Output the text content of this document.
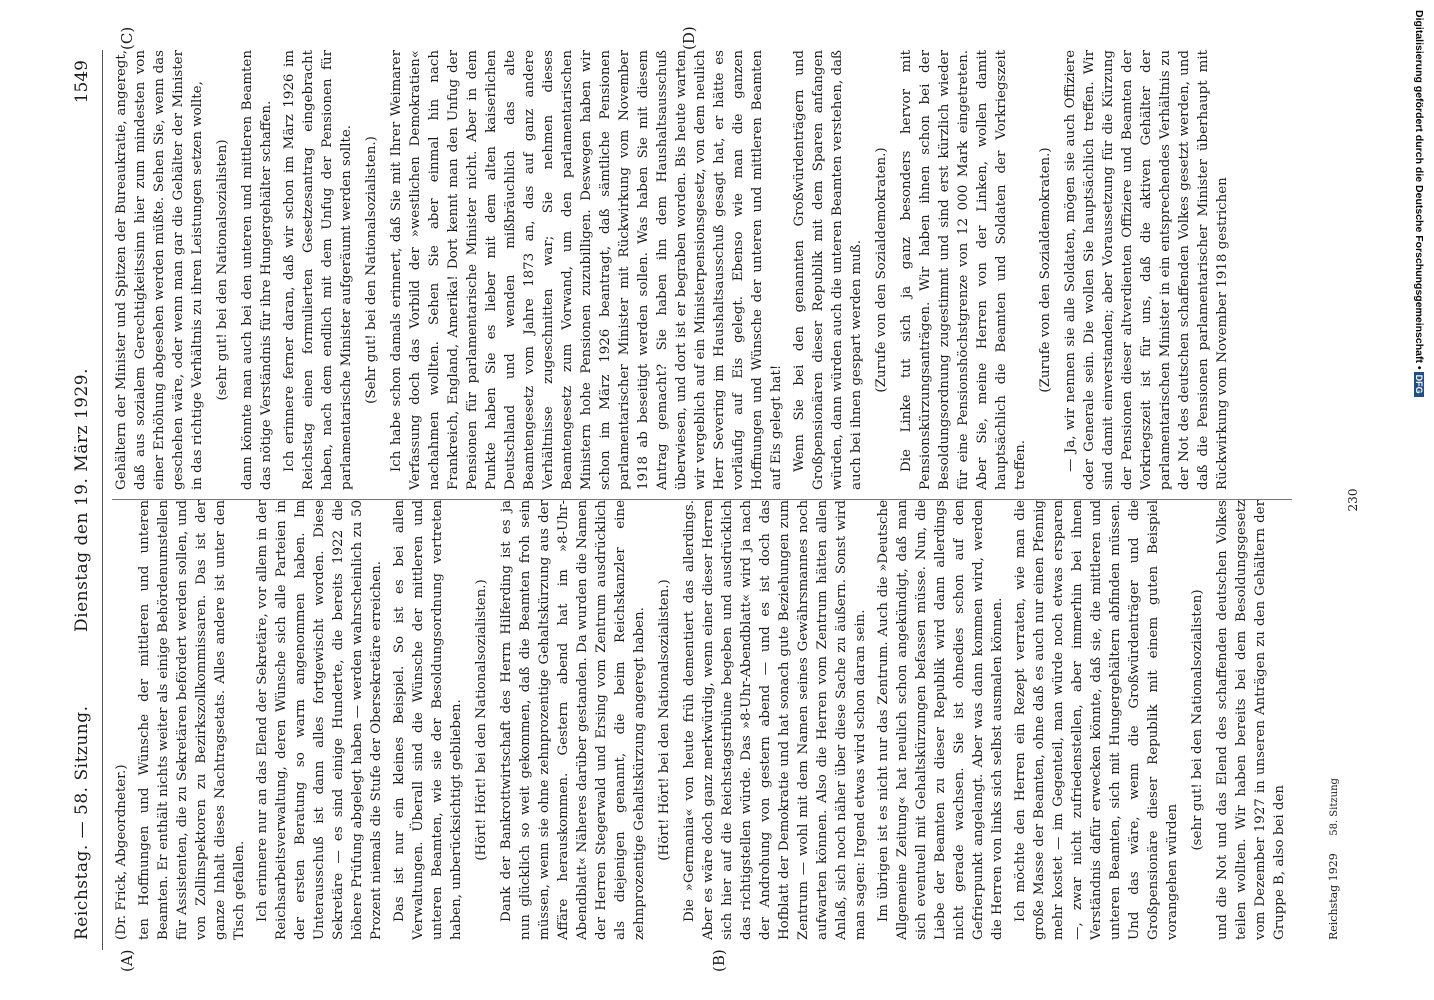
Reichstag. — 58. Sitzung.
Dienstag den 19. März 1929.
1549
(A)	(B)
(C)	(D)

(Dr. Frick, Abgeordneter.) ten Hoffnungen und Wünsche der mittleren und unteren Beamten. Er enthält nichts weiter als einige Behördenumstellen für Assistenten, die zu Sekretären befördert werden sollen, und von Zollinspektoren zu Bezirkszollkommissaren. Das ist der ganze Inhalt dieses Nachtragsetats. Alles andere ist unter den Tisch gefallen. Ich erinnere nur an das Elend der Sekretäre, vor allem in der Reichsarbeitsverwaltung, deren Wünsche sich alle Parteien in der ersten Beratung so warm angenommen haben. Im Unterausschuß ist dann alles fortgewischt worden. Diese Sekretäre — es sind einige Hunderte, die bereits 1922 die höhere Prüfung abgelegt haben — werden wahrscheinlich zu 50 Prozent niemals die Stufe der Obersekretäre erreichen. Das ist nur ein kleines Beispiel. So ist es bei allen Verwaltungen. Überall sind die Wünsche der mittleren und unteren Beamten, wie sie der Besoldungsordnung vertreten haben, unberücksichtigt geblieben. (Hört! Hört! bei den Nationalsozialisten.) Dank der Bankrottwirtschaft des Herrn Hilferding ist es ja nun glücklich so weit gekommen, daß die Beamten froh sein müssen, wenn sie ohne zehnprozentige Gehaltskürzung aus der Affäre herauskommen. Gestern abend hat im »8-Uhr-Abendblatt« Näheres darüber gestanden. Da wurden die Namen der Herren Stegerwald und Ersing vom Zentrum ausdrücklich als diejenigen genannt, die beim Reichskanzler eine zehnprozentige Gehaltskürzung angeregt haben. (Hört! Hört! bei den Nationalsozialisten.) Die »Germania« von heute früh dementiert das allerdings. Aber es wäre doch ganz merkwürdig, wenn einer dieser Herren sich hier auf die Reichstagstribüne begeben und ausdrücklich das richtigstellen würde. Das »8-Uhr-Abendblatt« wird ja nach der Androhung von gestern abend — und es ist doch das Hofblatt der Demokratie und hat sonach gute Beziehungen zum Zentrum — wohl mit dem Namen seines Gewährsmannes noch aufwarten können. Also die Herren vom Zentrum hätten allen Anlaß, sich noch näher über diese Sache zu äußern. Sonst wird man sagen: Irgend etwas wird schon daran sein. Im übrigen ist es nicht nur das Zentrum. Auch die »Deutsche Allgemeine Zeitung« hat neulich schon angekündigt, daß man sich eventuell mit Gehaltskürzungen befassen müsse. Nun, die Liebe der Beamten zu dieser Republik wird dann allerdings nicht gerade wachsen. Sie ist ohnedies schon auf den Gefrierpunkt angelangt. Aber was dann kommen wird, werden die Herren von links sich selbst ausmalen können. Ich möchte den Herren ein Rezept verraten, wie man die große Masse der Beamten, ohne daß es auch nur einen Pfennig mehr kostet — im Gegenteil, man würde noch etwas ersparen —, zwar nicht zufriedenstellen, aber immerhin bei ihnen Verständnis dafür erwecken könnte, daß sie, die mittleren und unteren Beamten, sich mit Hungergehältern abfinden müssen. Und das wäre, wenn die Großwürdenträger und die Großpensionäre dieser Republik mit einem guten Beispiel vorangehen würden

(sehr gut! bei den Nationalsozialisten) und die Not und das Elend des schaffenden deutschen Volkes teilen wollten. Wir haben bereits bei dem Besoldungsgesetz vom Dezember 1927 in unseren Anträgen zu den Gehältern der Gruppe B, also bei den

Gehältern der Minister und Spitzen der Bureaukratie, angeregt, daß aus sozialem Gerechtigkeitssinn hier zum mindesten von einer Erhöhung abgesehen werden müßte. Sehen Sie, wenn das geschehen wäre, oder wenn man gar die Gehälter der Minister in das richtige Verhältnis zu ihren Leistungen setzen wollte, (sehr gut! bei den Nationalsozialisten) dann könnte man auch bei den unteren und mittleren Beamten das nötige Verständnis für ihre Hungergehälter schaffen. Ich erinnere ferner daran, daß wir schon im März 1926 im Reichstag einen formulierten Gesetzesantrag eingebracht haben, nach dem endlich mit dem Unfug der Pensionen für parlamentarische Minister aufgeräumt werden sollte. (Sehr gut! bei den Nationalsozialisten.) Ich habe schon damals erinnert, daß Sie mit Ihrer Weimarer Verfassung doch das Vorbild der »westlichen Demokratien« nachahmen wollten. Sehen Sie aber einmal hin nach Frankreich, England, Amerika! Dort kennt man den Unfug der Pensionen für parlamentarische Minister nicht. Aber in dem Punkte haben Sie es lieber mit dem alten kaiserlichen Deutschland und wenden mißbräuchlich das alte Beamtengesetz vom Jahre 1873 an, das auf ganz andere Verhältnisse zugeschnitten war; Sie nehmen dieses Beamtengesetz zum Vorwand, um den parlamentarischen Ministern hohe Pensionen zuzubilligen. Deswegen haben wir schon im März 1926 beantragt, daß sämtliche Pensionen parlamentarischer Minister mit Rückwirkung vom November 1918 ab beseitigt werden sollen. Was haben Sie mit diesem Antrag gemacht? Sie haben ihn dem Haushaltsausschuß überwiesen, und dort ist er begraben worden. Bis heute warten wir vergeblich auf ein Ministerpensionsgesetz, von dem neulich Herr Severing im Haushaltsausschuß gesagt hat, er hätte es vorläufig auf Eis gelegt. Ebenso wie man die ganzen Hoffnungen und Wünsche der unteren und mittleren Beamten auf Eis gelegt hat! Wenn Sie bei den genannten Großwürdenträgern und Großpensionären dieser Republik mit dem Sparen anfangen würden, dann würden auch die unteren Beamten verstehen, daß auch bei ihnen gespart werden muß. (Zurufe von den Sozialdemokraten.) Die Linke tut sich ja ganz besonders hervor mit Pensionskürzungsanträgen. Wir haben ihnen schon bei der Besoldungsordnung zugestimmt und sind erst kürzlich wieder für eine Pensionshöchstgrenze von 12 000 Mark eingetreten. Aber Sie, meine Herren von der Linken, wollen damit hauptsächlich die Beamten und Soldaten der Vorkriegszeit treffen.

(Zurufe von den Sozialdemokraten.) — Ja, wir nennen sie alle Soldaten, mögen sie auch Offiziere oder Generale sein. Die wollen Sie hauptsächlich treffen. Wir sind damit einverstanden; aber Voraussetzung für die Kürzung der Pensionen dieser altverdienten Offiziere und Beamten der Vorkriegszeit ist für uns, daß die aktiven Gehälter der parlamentarischen Minister in ein entsprechendes Verhältnis zu der Not des deutschen schaffenden Volkes gesetzt werden, und daß die Pensionen parlamentarischer Minister überhaupt mit Rückwirkung vom November 1918 gestrichen

Reichstag 1929 58. Sitzung
230
Digitalisierung gefördert durch die Deutsche Forschungsgemeinschaft •DFG
